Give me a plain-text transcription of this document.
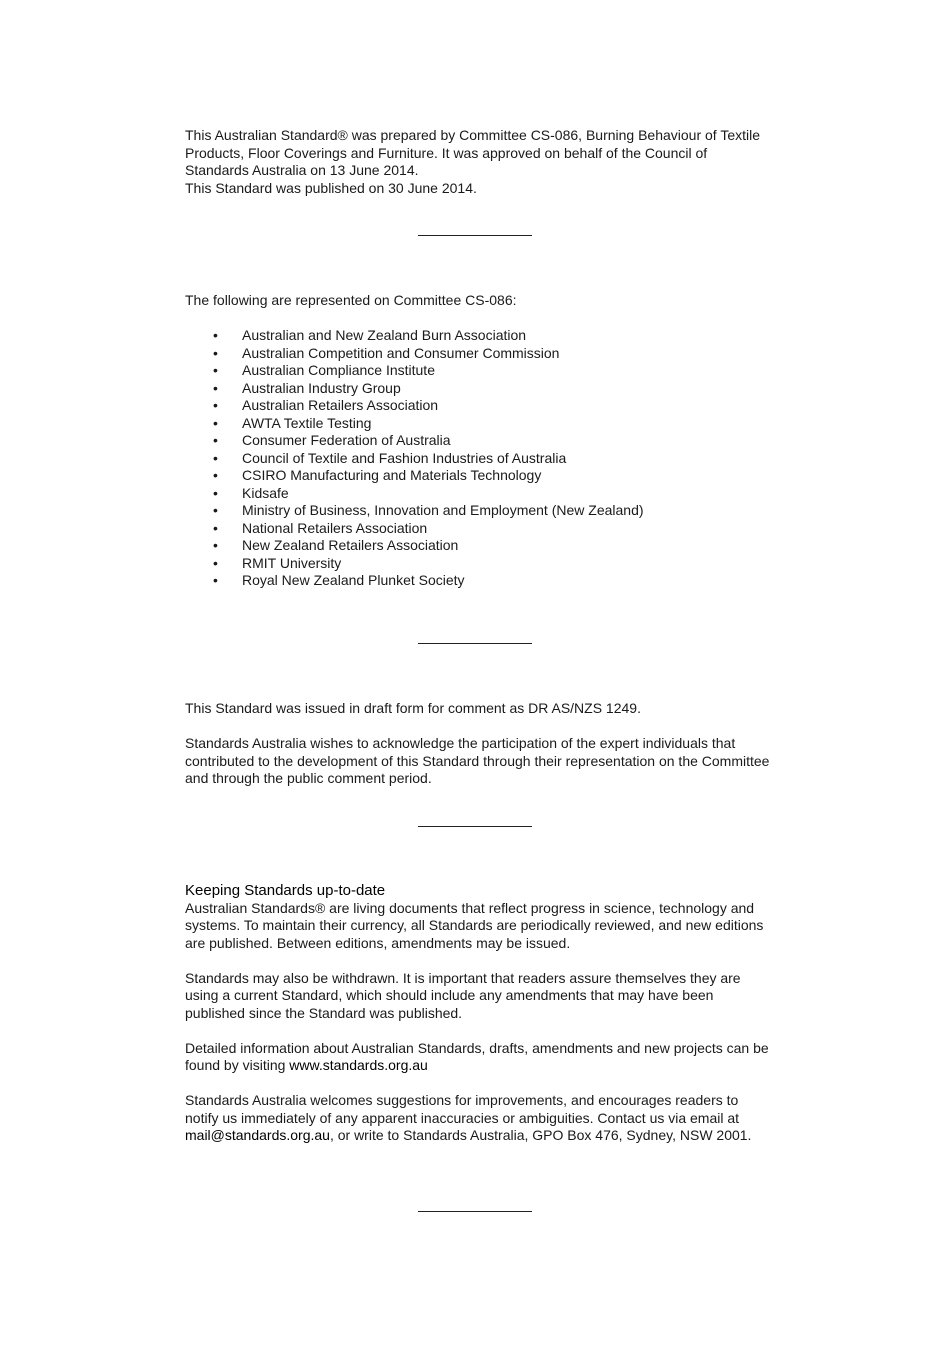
This Australian Standard® was prepared by Committee CS-086, Burning Behaviour of Textile Products, Floor Coverings and Furniture. It was approved on behalf of the Council of Standards Australia on 13 June 2014.

This Standard was published on 30 June 2014.

The following are represented on Committee CS-086:

• Australian and New Zealand Burn Association
• Australian Competition and Consumer Commission
• Australian Compliance Institute
• Australian Industry Group
• Australian Retailers Association
• AWTA Textile Testing
• Consumer Federation of Australia
• Council of Textile and Fashion Industries of Australia
• CSIRO Manufacturing and Materials Technology
• Kidsafe
• Ministry of Business, Innovation and Employment (New Zealand)
• National Retailers Association
• New Zealand Retailers Association
• RMIT University
• Royal New Zealand Plunket Society

This Standard was issued in draft form for comment as DR AS/NZS 1249.

Standards Australia wishes to acknowledge the participation of the expert individuals that contributed to the development of this Standard through their representation on the Committee and through the public comment period.

Keeping Standards up-to-date

Australian Standards® are living documents that reflect progress in science, technology and systems. To maintain their currency, all Standards are periodically reviewed, and new editions are published. Between editions, amendments may be issued.

Standards may also be withdrawn. It is important that readers assure themselves they are using a current Standard, which should include any amendments that may have been published since the Standard was published.

Detailed information about Australian Standards, drafts, amendments and new projects can be found by visiting www.standards.org.au

Standards Australia welcomes suggestions for improvements, and encourages readers to notify us immediately of any apparent inaccuracies or ambiguities. Contact us via email at mail@standards.org.au, or write to Standards Australia, GPO Box 476, Sydney, NSW 2001.
